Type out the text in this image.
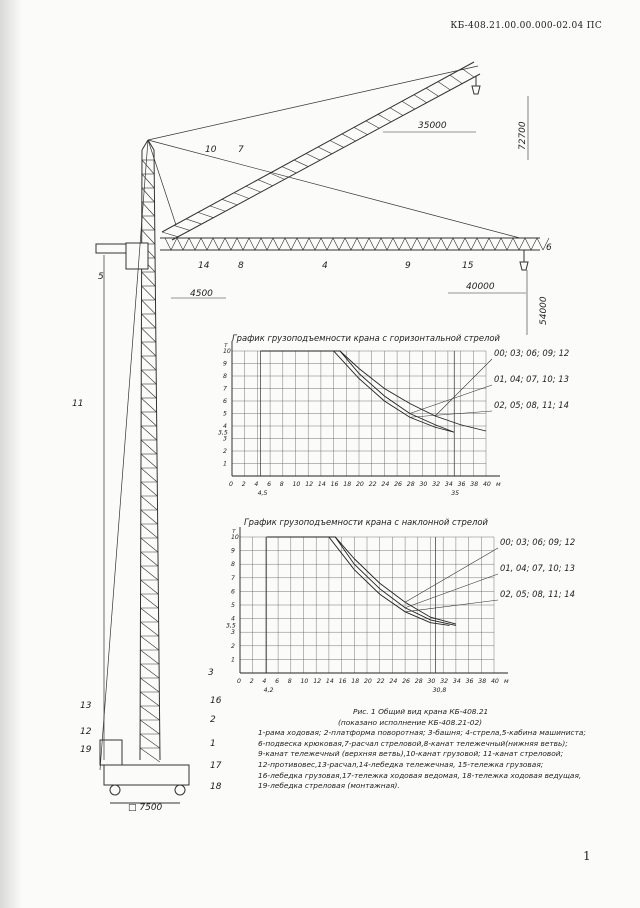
КБ-408.21.00.00.000-02.04 ПС
35000	72700
40000
54000
4500
□ 7500
1
2
3
4
5
6
7
8	9
10
11
12
13
14	15
16
17
18
19
График грузоподъемности крана с горизонтальной стрелой
0 2 4 6 8 10 12 14 16 18 20 22 24 26 28 30 32 34 36 38 40
1
2
3
4
5
6
7
8
9
10
4,5	35
3,5
м
т
00; 03; 06; 09; 12
01, 04; 07, 10; 13
02, 05; 08, 11; 14
График грузоподъемности крана с наклонной стрелой
0 2 4 6 8 10 12 14 16 18 20 22 24 26 28 30 32 34 36 38 40
1
2
3
4
5
6
7
8
9
10
4,2	30,8
3,5
м
т
00; 03; 06; 09; 12
01, 04; 07, 10; 13
02, 05; 08, 11; 14
Рис. 1 Общий вид крана КБ-408.21
(показано исполнение КБ-408.21-02)
1-рама ходовая; 2-платформа поворотная; 3-башня; 4-стрела,5-кабина машиниста;
6-подвеска крюковая,7-расчал стреловой,8-канат тележечный(нижняя ветвь);
9-канат тележечный (верхняя ветвь),10-канат грузовой; 11-канат стреловой;
12-противовес,13-расчал,14-лебедка тележечная, 15-тележка грузовая;
16-лебедка грузовая,17-тележка ходовая ведомая, 18-тележка ходовая ведущая,
19-лебедка стреловая (монтажная).
1
